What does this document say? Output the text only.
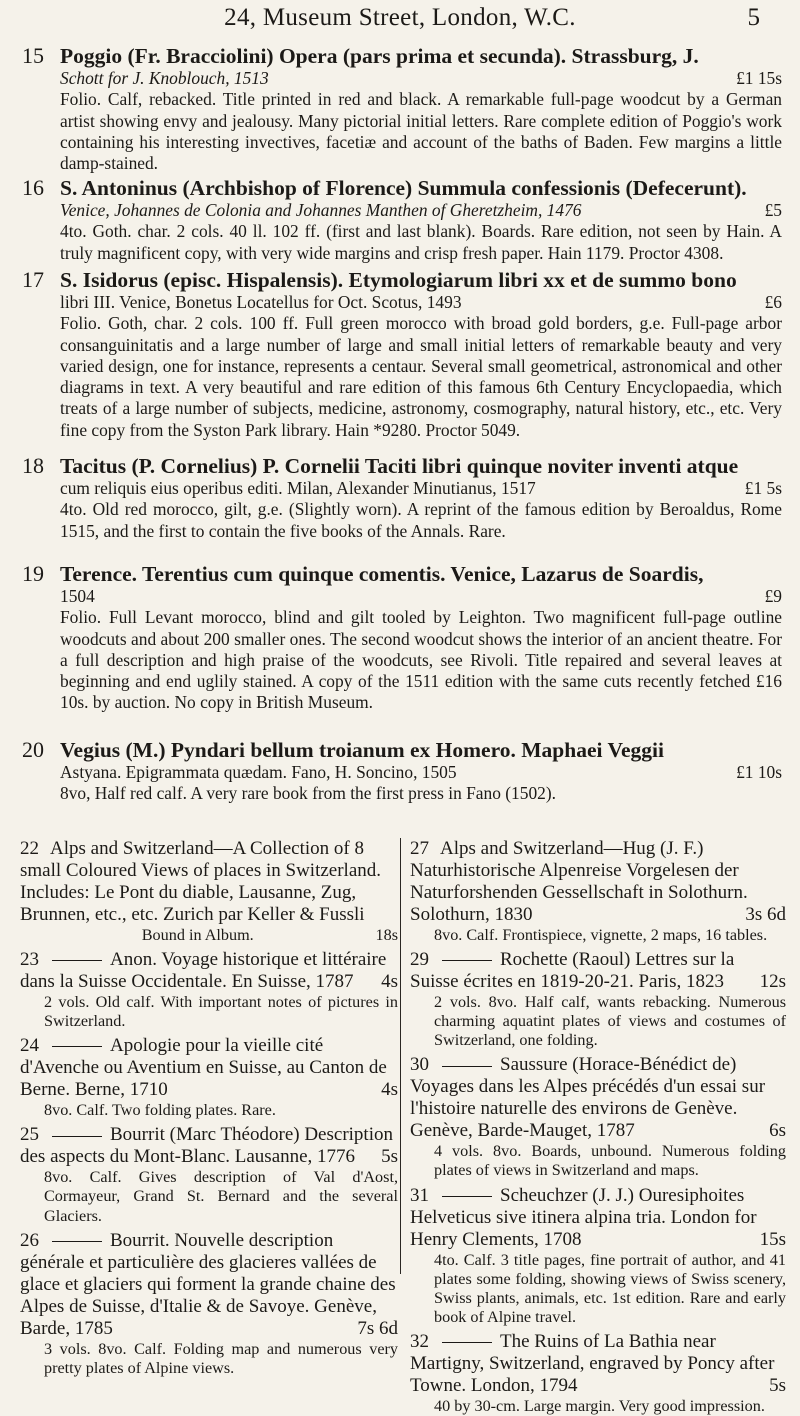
24, Museum Street, London, W.C.	5

15 Poggio (Fr. Bracciolini) Opera (pars prima et secunda). Strassburg, J.

Schott for J. Knoblouch, 1513	£1 15s

Folio. Calf, rebacked. Title printed in red and black. A remarkable full-page woodcut by a German artist showing envy and jealousy. Many pictorial initial letters. Rare complete edition of Poggio's work containing his interesting invectives, facetiæ and account of the baths of Baden. Few margins a little damp-stained.

16 S. Antoninus (Archbishop of Florence) Summula confessionis (Defecerunt).

Venice, Johannes de Colonia and Johannes Manthen of Gheretzheim, 1476	£5

4to. Goth. char. 2 cols. 40 ll. 102 ff. (first and last blank). Boards. Rare edition, not seen by Hain. A truly magnificent copy, with very wide margins and crisp fresh paper. Hain 1179. Proctor 4308.

17 S. Isidorus (episc. Hispalensis). Etymologiarum libri xx et de summo bono

libri III. Venice, Bonetus Locatellus for Oct. Scotus, 1493	£6

Folio. Goth, char. 2 cols. 100 ff. Full green morocco with broad gold borders, g.e. Full-page arbor consanguinitatis and a large number of large and small initial letters of remarkable beauty and very varied design, one for instance, represents a centaur. Several small geometrical, astronomical and other diagrams in text. A very beautiful and rare edition of this famous 6th Century Encyclopaedia, which treats of a large number of subjects, medicine, astronomy, cosmography, natural history, etc., etc. Very fine copy from the Syston Park library. Hain *9280. Proctor 5049.

18 Tacitus (P. Cornelius) P. Cornelii Taciti libri quinque noviter inventi atque

cum reliquis eius operibus editi. Milan, Alexander Minutianus, 1517	£1 5s

4to. Old red morocco, gilt, g.e. (Slightly worn). A reprint of the famous edition by Beroaldus, Rome 1515, and the first to contain the five books of the Annals. Rare.

19 Terence. Terentius cum quinque comentis. Venice, Lazarus de Soardis,

1504	£9

Folio. Full Levant morocco, blind and gilt tooled by Leighton. Two magnificent full-page outline woodcuts and about 200 smaller ones. The second woodcut shows the interior of an ancient theatre. For a full description and high praise of the woodcuts, see Rivoli. Title repaired and several leaves at beginning and end uglily stained. A copy of the 1511 edition with the same cuts recently fetched £16 10s. by auction. No copy in British Museum.

20 Vegius (M.) Pyndari bellum troianum ex Homero. Maphaei Veggii

Astyana. Epigrammata quædam. Fano, H. Soncino, 1505	£1 10s

8vo, Half red calf. A very rare book from the first press in Fano (1502).

22 Alps and Switzerland—A Collection of 8 small Coloured Views of places in Switzerland. Includes: Le Pont du diable, Lausanne, Zug, Brunnen, etc., etc. Zurich par Keller & Fussli

18s

Bound in Album.

23	Anon. Voyage historique et littéraire dans la Suisse Occidentale. En Suisse, 1787 4s

2 vols. Old calf. With important notes of pictures in Switzerland.

24	Apologie pour la vieille cité d'Avenche ou Aventium en Suisse, au Canton de Berne. Berne, 1710	4s

8vo. Calf. Two folding plates. Rare.

25	Bourrit (Marc Théodore) Description des aspects du Mont-Blanc. Lausanne, 1776 5s

8vo. Calf. Gives description of Val d'Aost, Cormayeur, Grand St. Bernard and the several Glaciers.

26	Bourrit. Nouvelle description générale et particulière des glacieres vallées de glace et glaciers qui forment la grande chaine des Alpes de Suisse, d'Italie & de Savoye. Genève, Barde, 1785	7s 6d

3 vols. 8vo. Calf. Folding map and numerous very pretty plates of Alpine views.

27 Alps and Switzerland—Hug (J. F.) Naturhistorische Alpenreise Vorgelesen der Naturforshenden Gessellschaft in Solothurn. Solothurn, 1830	3s 6d

8vo. Calf. Frontispiece, vignette, 2 maps, 16 tables.

29	Rochette (Raoul) Lettres sur la Suisse écrites en 1819-20-21. Paris, 1823 12s

2 vols. 8vo. Half calf, wants rebacking. Numerous charming aquatint plates of views and costumes of Switzerland, one folding.

30	Saussure (Horace-Bénédict de) Voyages dans les Alpes précédés d'un essai sur l'histoire naturelle des environs de Genève. Genève, Barde-Mauget, 1787	6s

4 vols. 8vo. Boards, unbound. Numerous folding plates of views in Switzerland and maps.

31	Scheuchzer (J. J.) Ouresiphoites Helveticus sive itinera alpina tria. London for Henry Clements, 1708	15s

4to. Calf. 3 title pages, fine portrait of author, and 41 plates some folding, showing views of Swiss scenery, Swiss plants, animals, etc. 1st edition. Rare and early book of Alpine travel.

32	The Ruins of La Bathia near Martigny, Switzerland, engraved by Poncy after Towne. London, 1794	5s

40 by 30-cm. Large margin. Very good impression.
